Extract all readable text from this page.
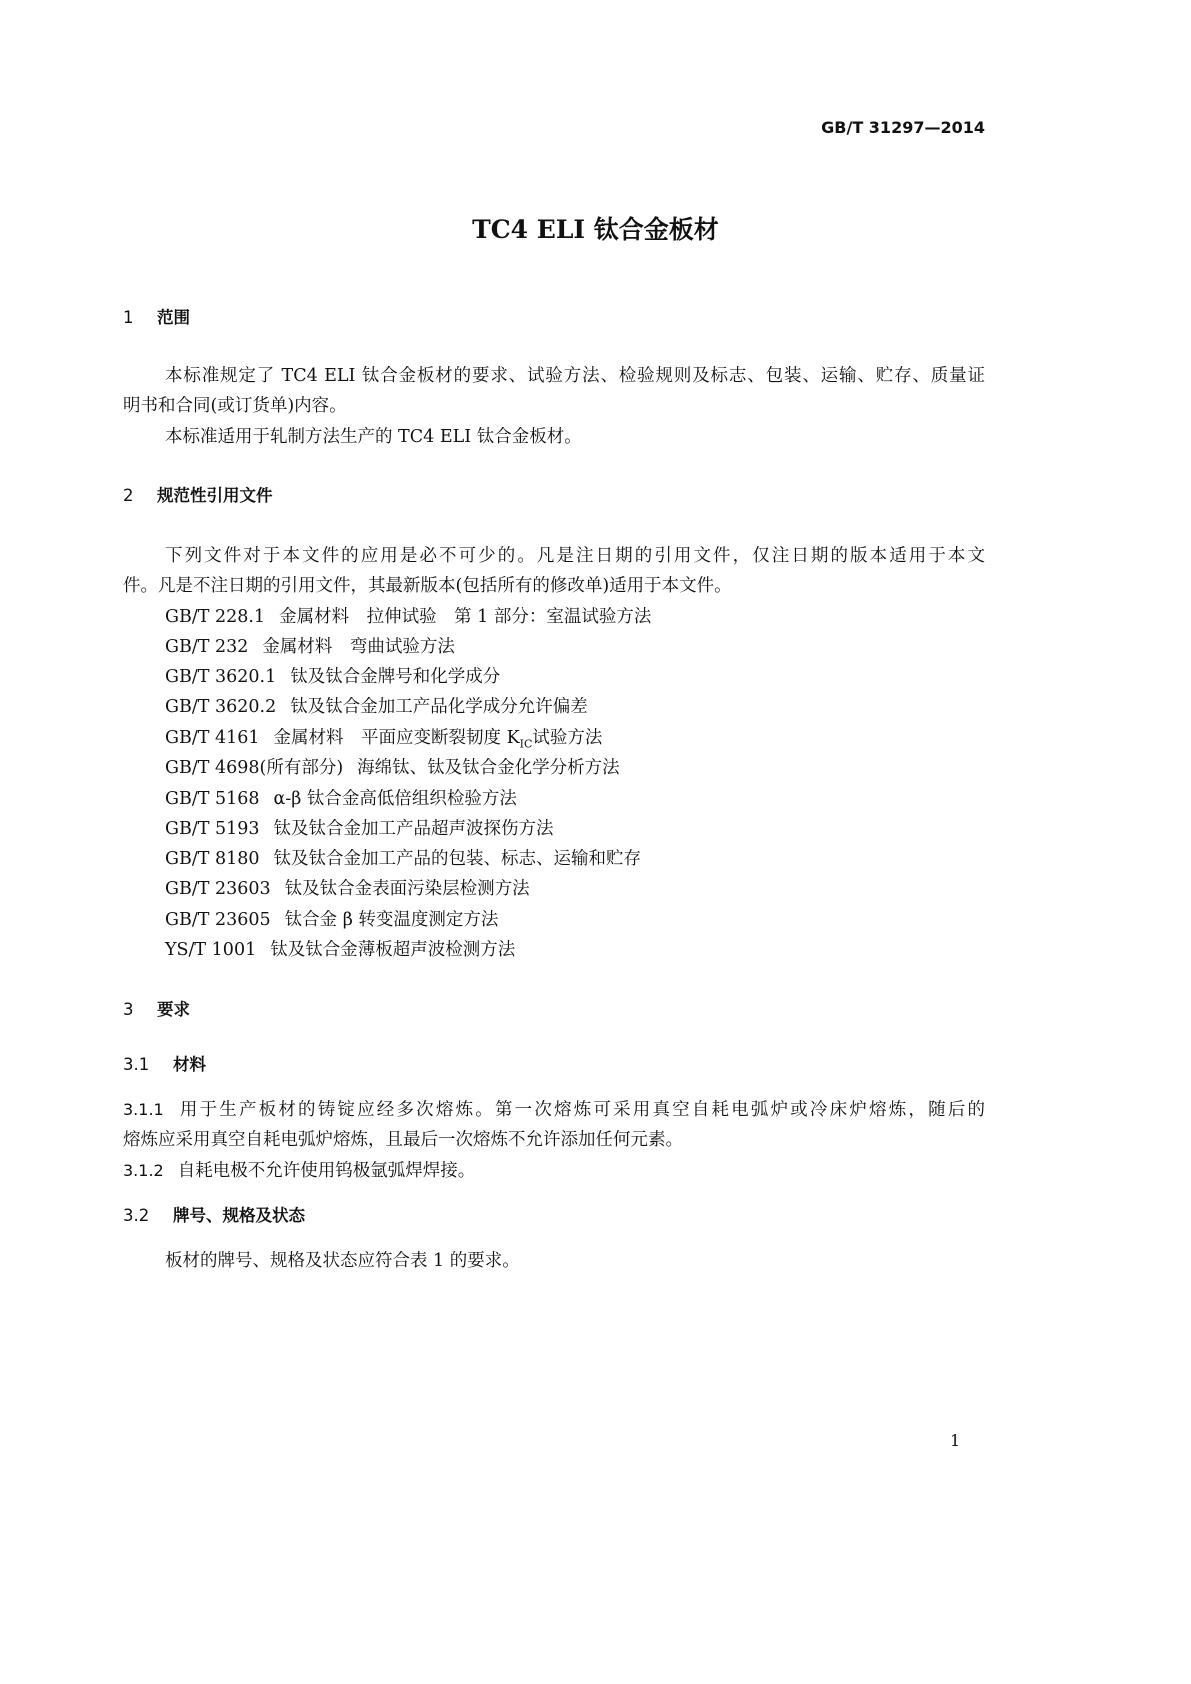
GB/T 31297—2014
TC4 ELI 钛合金板材
1 范围
本标准规定了 TC4 ELI 钛合金板材的要求、试验方法、检验规则及标志、包装、运输、贮存、质量证
明书和合同(或订货单)内容。
本标准适用于轧制方法生产的 TC4 ELI 钛合金板材。
2 规范性引用文件
下列文件对于本文件的应用是必不可少的。凡是注日期的引用文件，仅注日期的版本适用于本文
件。凡是不注日期的引用文件，其最新版本(包括所有的修改单)适用于本文件。
GB/T 228.1 金属材料　拉伸试验　第 1 部分：室温试验方法
GB/T 232 金属材料　弯曲试验方法
GB/T 3620.1 钛及钛合金牌号和化学成分
GB/T 3620.2 钛及钛合金加工产品化学成分允许偏差
GB/T 4161 金属材料　平面应变断裂韧度 $K_{IC}$试验方法
GB/T 4698(所有部分) 海绵钛、钛及钛合金化学分析方法
GB/T 5168 α-β 钛合金高低倍组织检验方法
GB/T 5193 钛及钛合金加工产品超声波探伤方法
GB/T 8180 钛及钛合金加工产品的包装、标志、运输和贮存
GB/T 23603 钛及钛合金表面污染层检测方法
GB/T 23605 钛合金 β 转变温度测定方法
YS/T 1001 钛及钛合金薄板超声波检测方法
3 要求
3.1 材料
3.1.1 用于生产板材的铸锭应经多次熔炼。第一次熔炼可采用真空自耗电弧炉或冷床炉熔炼，随后的
熔炼应采用真空自耗电弧炉熔炼，且最后一次熔炼不允许添加任何元素。
3.1.2 自耗电极不允许使用钨极氩弧焊焊接。
3.2 牌号、规格及状态
板材的牌号、规格及状态应符合表 1 的要求。
1
